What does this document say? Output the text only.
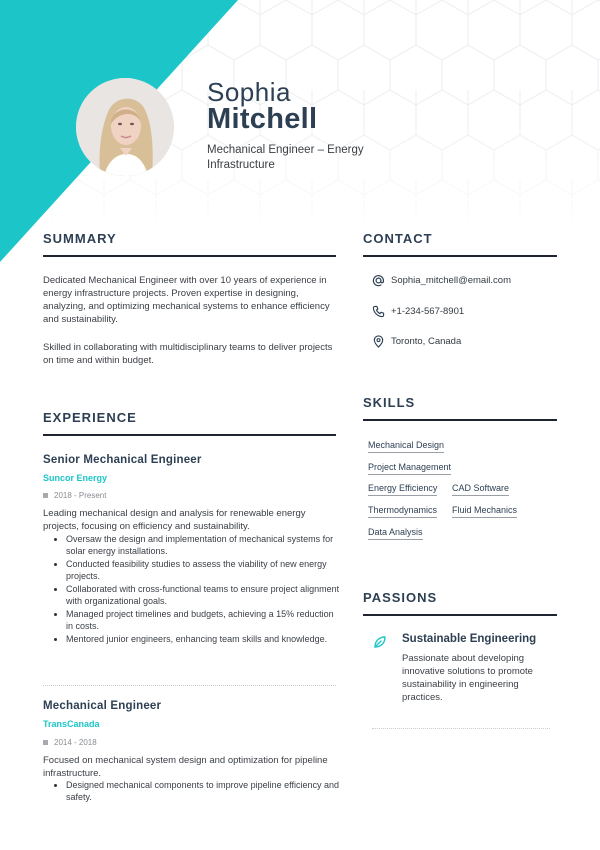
Sophia
Mitchell
Mechanical Engineer – Energy Infrastructure
SUMMARY
Dedicated Mechanical Engineer with over 10 years of experience in energy infrastructure projects. Proven expertise in designing, analyzing, and optimizing mechanical systems to enhance efficiency and sustainability.
Skilled in collaborating with multidisciplinary teams to deliver projects on time and within budget.
CONTACT
Sophia_mitchell@email.com
+1-234-567-8901
Toronto, Canada
EXPERIENCE
Senior Mechanical Engineer
Suncor Energy
2018 - Present
Leading mechanical design and analysis for renewable energy projects, focusing on efficiency and sustainability.
Oversaw the design and implementation of mechanical systems for solar energy installations.
Conducted feasibility studies to assess the viability of new energy projects.
Collaborated with cross-functional teams to ensure project alignment with organizational goals.
Managed project timelines and budgets, achieving a 15% reduction in costs.
Mentored junior engineers, enhancing team skills and knowledge.
Mechanical Engineer
TransCanada
2014 - 2018
Focused on mechanical system design and optimization for pipeline infrastructure.
Designed mechanical components to improve pipeline efficiency and safety.
SKILLS
Mechanical Design
Project Management
Energy Efficiency CAD Software
Thermodynamics Fluid Mechanics
Data Analysis
PASSIONS
Sustainable Engineering
Passionate about developing innovative solutions to promote sustainability in engineering practices.
